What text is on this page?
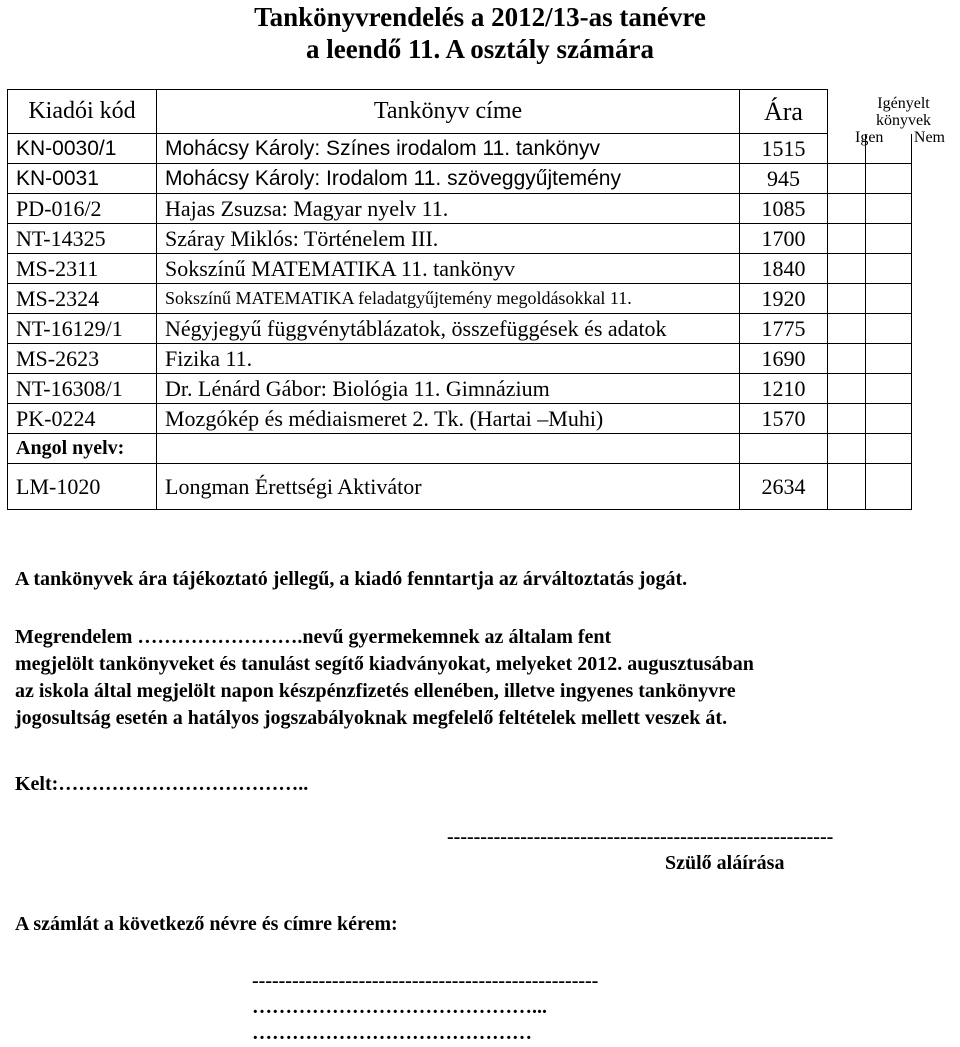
Tankönyvrendelés a 2012/13-as tanévre
a leendő 11. A osztály számára
Igényelt
könyvek
Igen Nem
Kiadói kód	Tankönyv címe	Ára		
KN-0030/1	Mohácsy Károly: Színes irodalom 11. tankönyv	1515		
KN-0031	Mohácsy Károly: Irodalom 11. szöveggyűjtemény	945		
PD-016/2	Hajas Zsuzsa: Magyar nyelv 11.	1085		
NT-14325	Száray Miklós: Történelem III.	1700		
MS-2311	Sokszínű MATEMATIKA 11. tankönyv	1840		
MS-2324	Sokszínű MATEMATIKA feladatgyűjtemény megoldásokkal 11.	1920		
NT-16129/1	Négyjegyű függvénytáblázatok, összefüggések és adatok	1775		
MS-2623	Fizika 11.	1690		
NT-16308/1	Dr. Lénárd Gábor: Biológia 11. Gimnázium	1210		
PK-0224	Mozgókép és médiaismeret 2. Tk. (Hartai –Muhi)	1570		
Angol nyelv:				
LM-1020	Longman Érettségi Aktivátor	2634		
A tankönyvek ára tájékoztató jellegű, a kiadó fenntartja az árváltoztatás jogát.
Megrendelem …………………….nevű gyermekemnek az általam fent
megjelölt tankönyveket és tanulást segítő kiadványokat, melyeket 2012. augusztusában
az iskola által megjelölt napon készpénzfizetés ellenében, illetve ingyenes tankönyvre
jogosultság esetén a hatályos jogszabályoknak megfelelő feltételek mellett veszek át.
Kelt:………………………………..
----------------------------------------------------------
Szülő aláírása
A számlát a következő névre és címre kérem:
----------------------------------------------------
……………………………………...
……………………………………
